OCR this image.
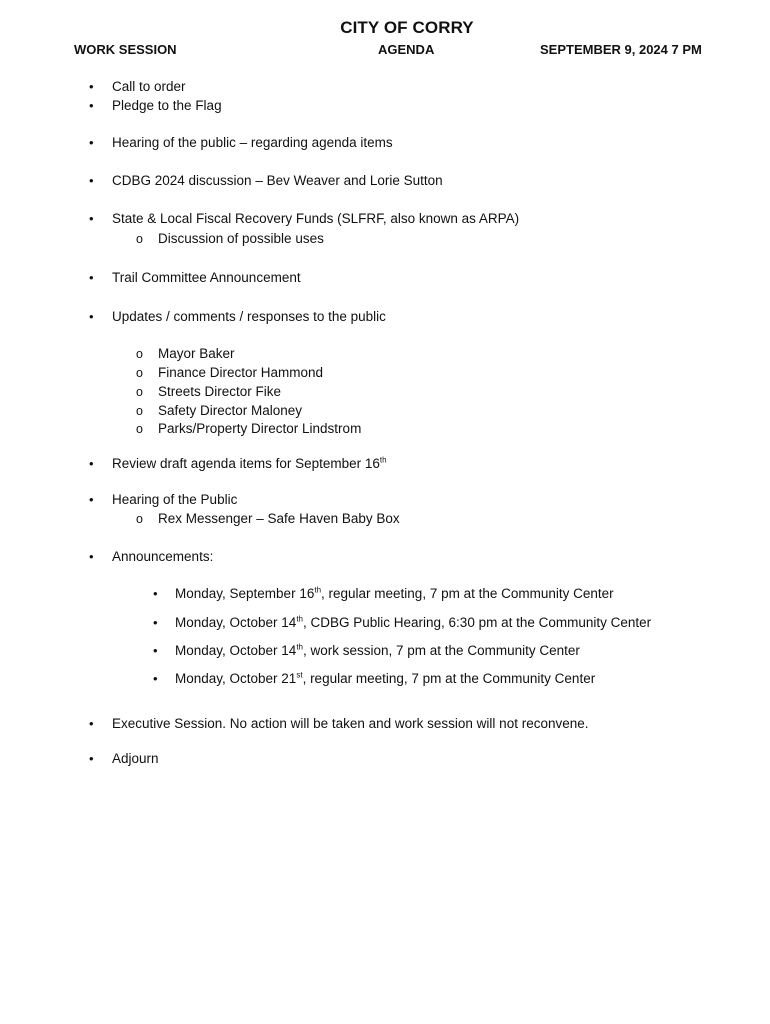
CITY OF CORRY
WORK SESSION	AGENDA	SEPTEMBER 9, 2024 7 PM
• Call to order
• Pledge to the Flag
• Hearing of the public – regarding agenda items
• CDBG 2024 discussion – Bev Weaver and Lorie Sutton
• State & Local Fiscal Recovery Funds (SLFRF, also known as ARPA)
o Discussion of possible uses
• Trail Committee Announcement
• Updates / comments / responses to the public
o Mayor Baker
o Finance Director Hammond
o Streets Director Fike
o Safety Director Maloney
o Parks/Property Director Lindstrom
• Review draft agenda items for September 16th
• Hearing of the Public
o Rex Messenger – Safe Haven Baby Box
• Announcements:
• Monday, September 16th, regular meeting, 7 pm at the Community Center
• Monday, October 14th, CDBG Public Hearing, 6:30 pm at the Community Center
• Monday, October 14th, work session, 7 pm at the Community Center
• Monday, October 21st, regular meeting, 7 pm at the Community Center
• Executive Session. No action will be taken and work session will not reconvene.
• Adjourn
